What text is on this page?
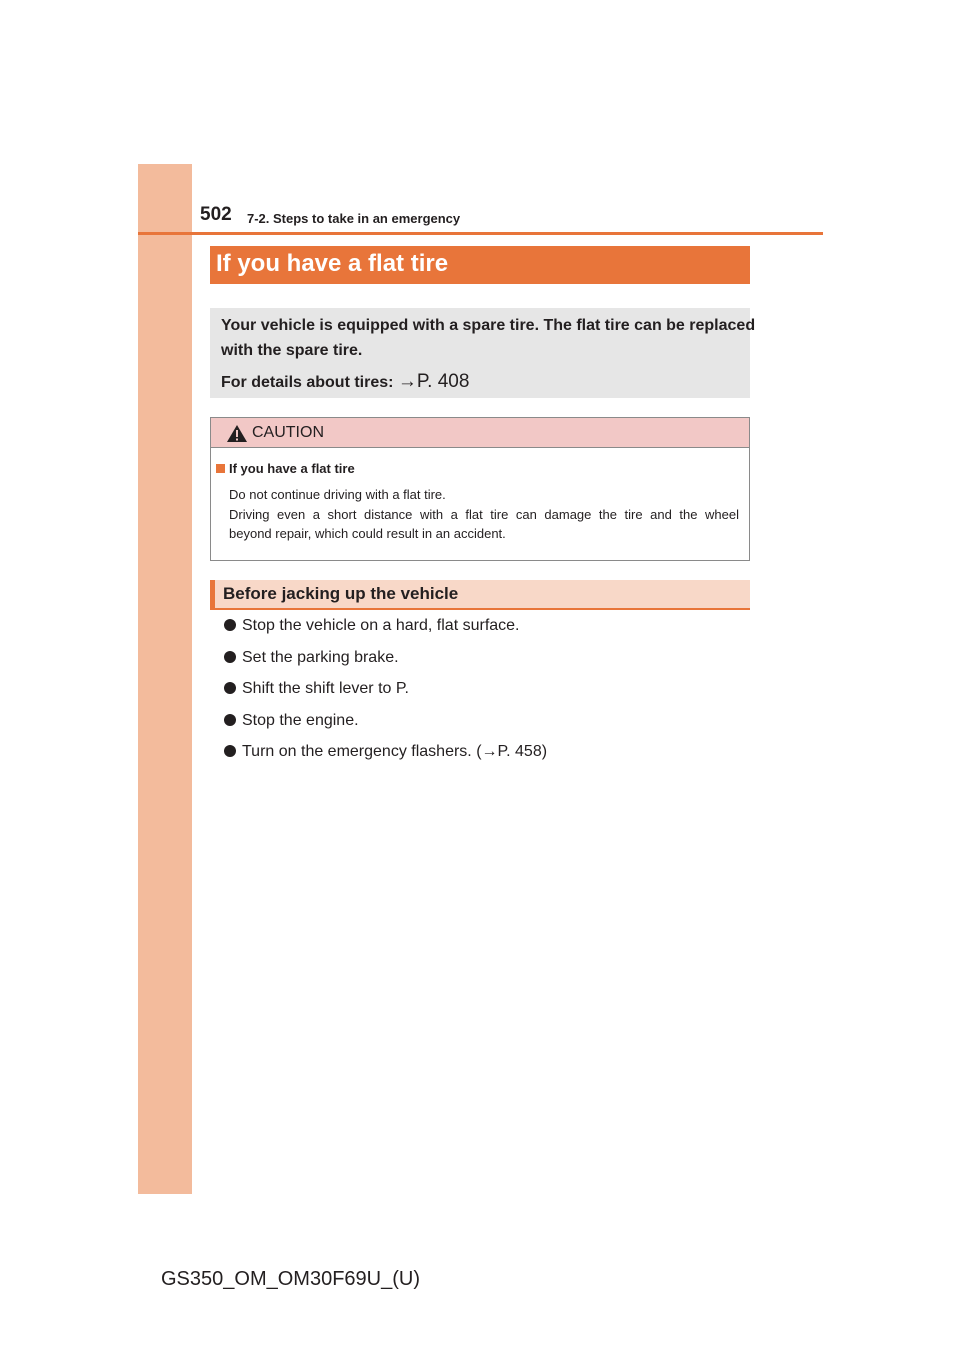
502 7-2. Steps to take in an emergency
If you have a flat tire
Your vehicle is equipped with a spare tire. The flat tire can be replaced
with the spare tire.
For details about tires: →P. 408
CAUTION
If you have a flat tire

Do not continue driving with a flat tire.

Driving even a short distance with a flat tire can damage the tire and the wheel

beyond repair, which could result in an accident.

Before jacking up the vehicle
Stop the vehicle on a hard, flat surface.
Set the parking brake.
Shift the shift lever to P.
Stop the engine.
Turn on the emergency flashers. (→P. 458)
GS350_OM_OM30F69U_(U)
